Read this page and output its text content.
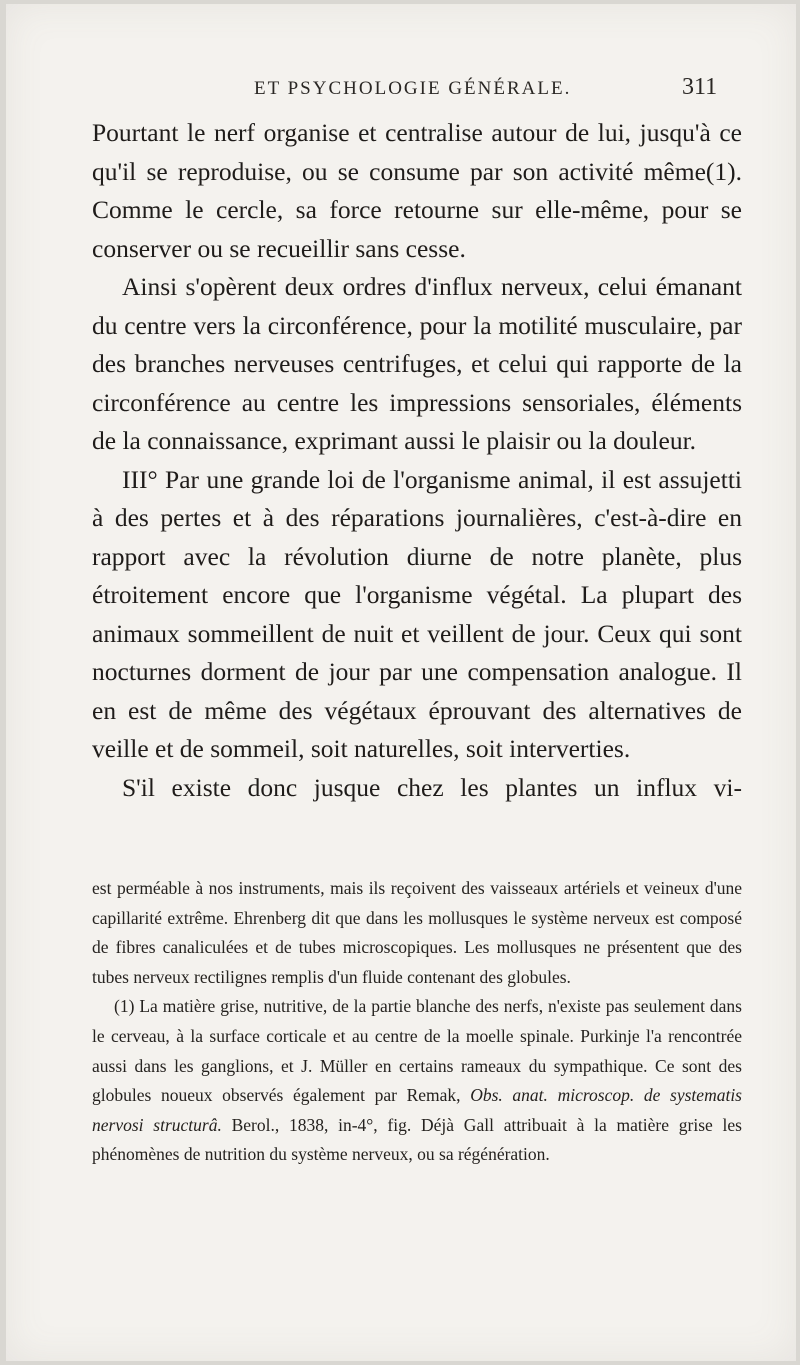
ET PSYCHOLOGIE GÉNÉRALE.	311

Pourtant le nerf organise et centralise autour de lui, jusqu'à ce qu'il se reproduise, ou se consume par son activité même(1). Comme le cercle, sa force retourne sur elle-même, pour se conserver ou se recueillir sans cesse.

Ainsi s'opèrent deux ordres d'influx nerveux, celui émanant du centre vers la circonférence, pour la motilité musculaire, par des branches nerveuses centrifuges, et celui qui rapporte de la circonférence au centre les impressions sensoriales, éléments de la connaissance, exprimant aussi le plaisir ou la douleur.

III° Par une grande loi de l'organisme animal, il est assujetti à des pertes et à des réparations journalières, c'est-à-dire en rapport avec la révolution diurne de notre planète, plus étroitement encore que l'organisme végétal. La plupart des animaux sommeillent de nuit et veillent de jour. Ceux qui sont nocturnes dorment de jour par une compensation analogue. Il en est de même des végétaux éprouvant des alternatives de veille et de sommeil, soit naturelles, soit interverties.

S'il existe donc jusque chez les plantes un influx vi-

est perméable à nos instruments, mais ils reçoivent des vaisseaux artériels et veineux d'une capillarité extrême. Ehrenberg dit que dans les mollusques le système nerveux est composé de fibres canaliculées et de tubes microscopiques. Les mollusques ne présentent que des tubes nerveux rectilignes remplis d'un fluide contenant des globules.

(1) La matière grise, nutritive, de la partie blanche des nerfs, n'existe pas seulement dans le cerveau, à la surface corticale et au centre de la moelle spinale. Purkinje l'a rencontrée aussi dans les ganglions, et J. Müller en certains rameaux du sympathique. Ce sont des globules noueux observés également par Remak, Obs. anat. microscop. de systematis nervosi structurâ. Berol., 1838, in-4°, fig. Déjà Gall attribuait à la matière grise les phénomènes de nutrition du système nerveux, ou sa régénération.
